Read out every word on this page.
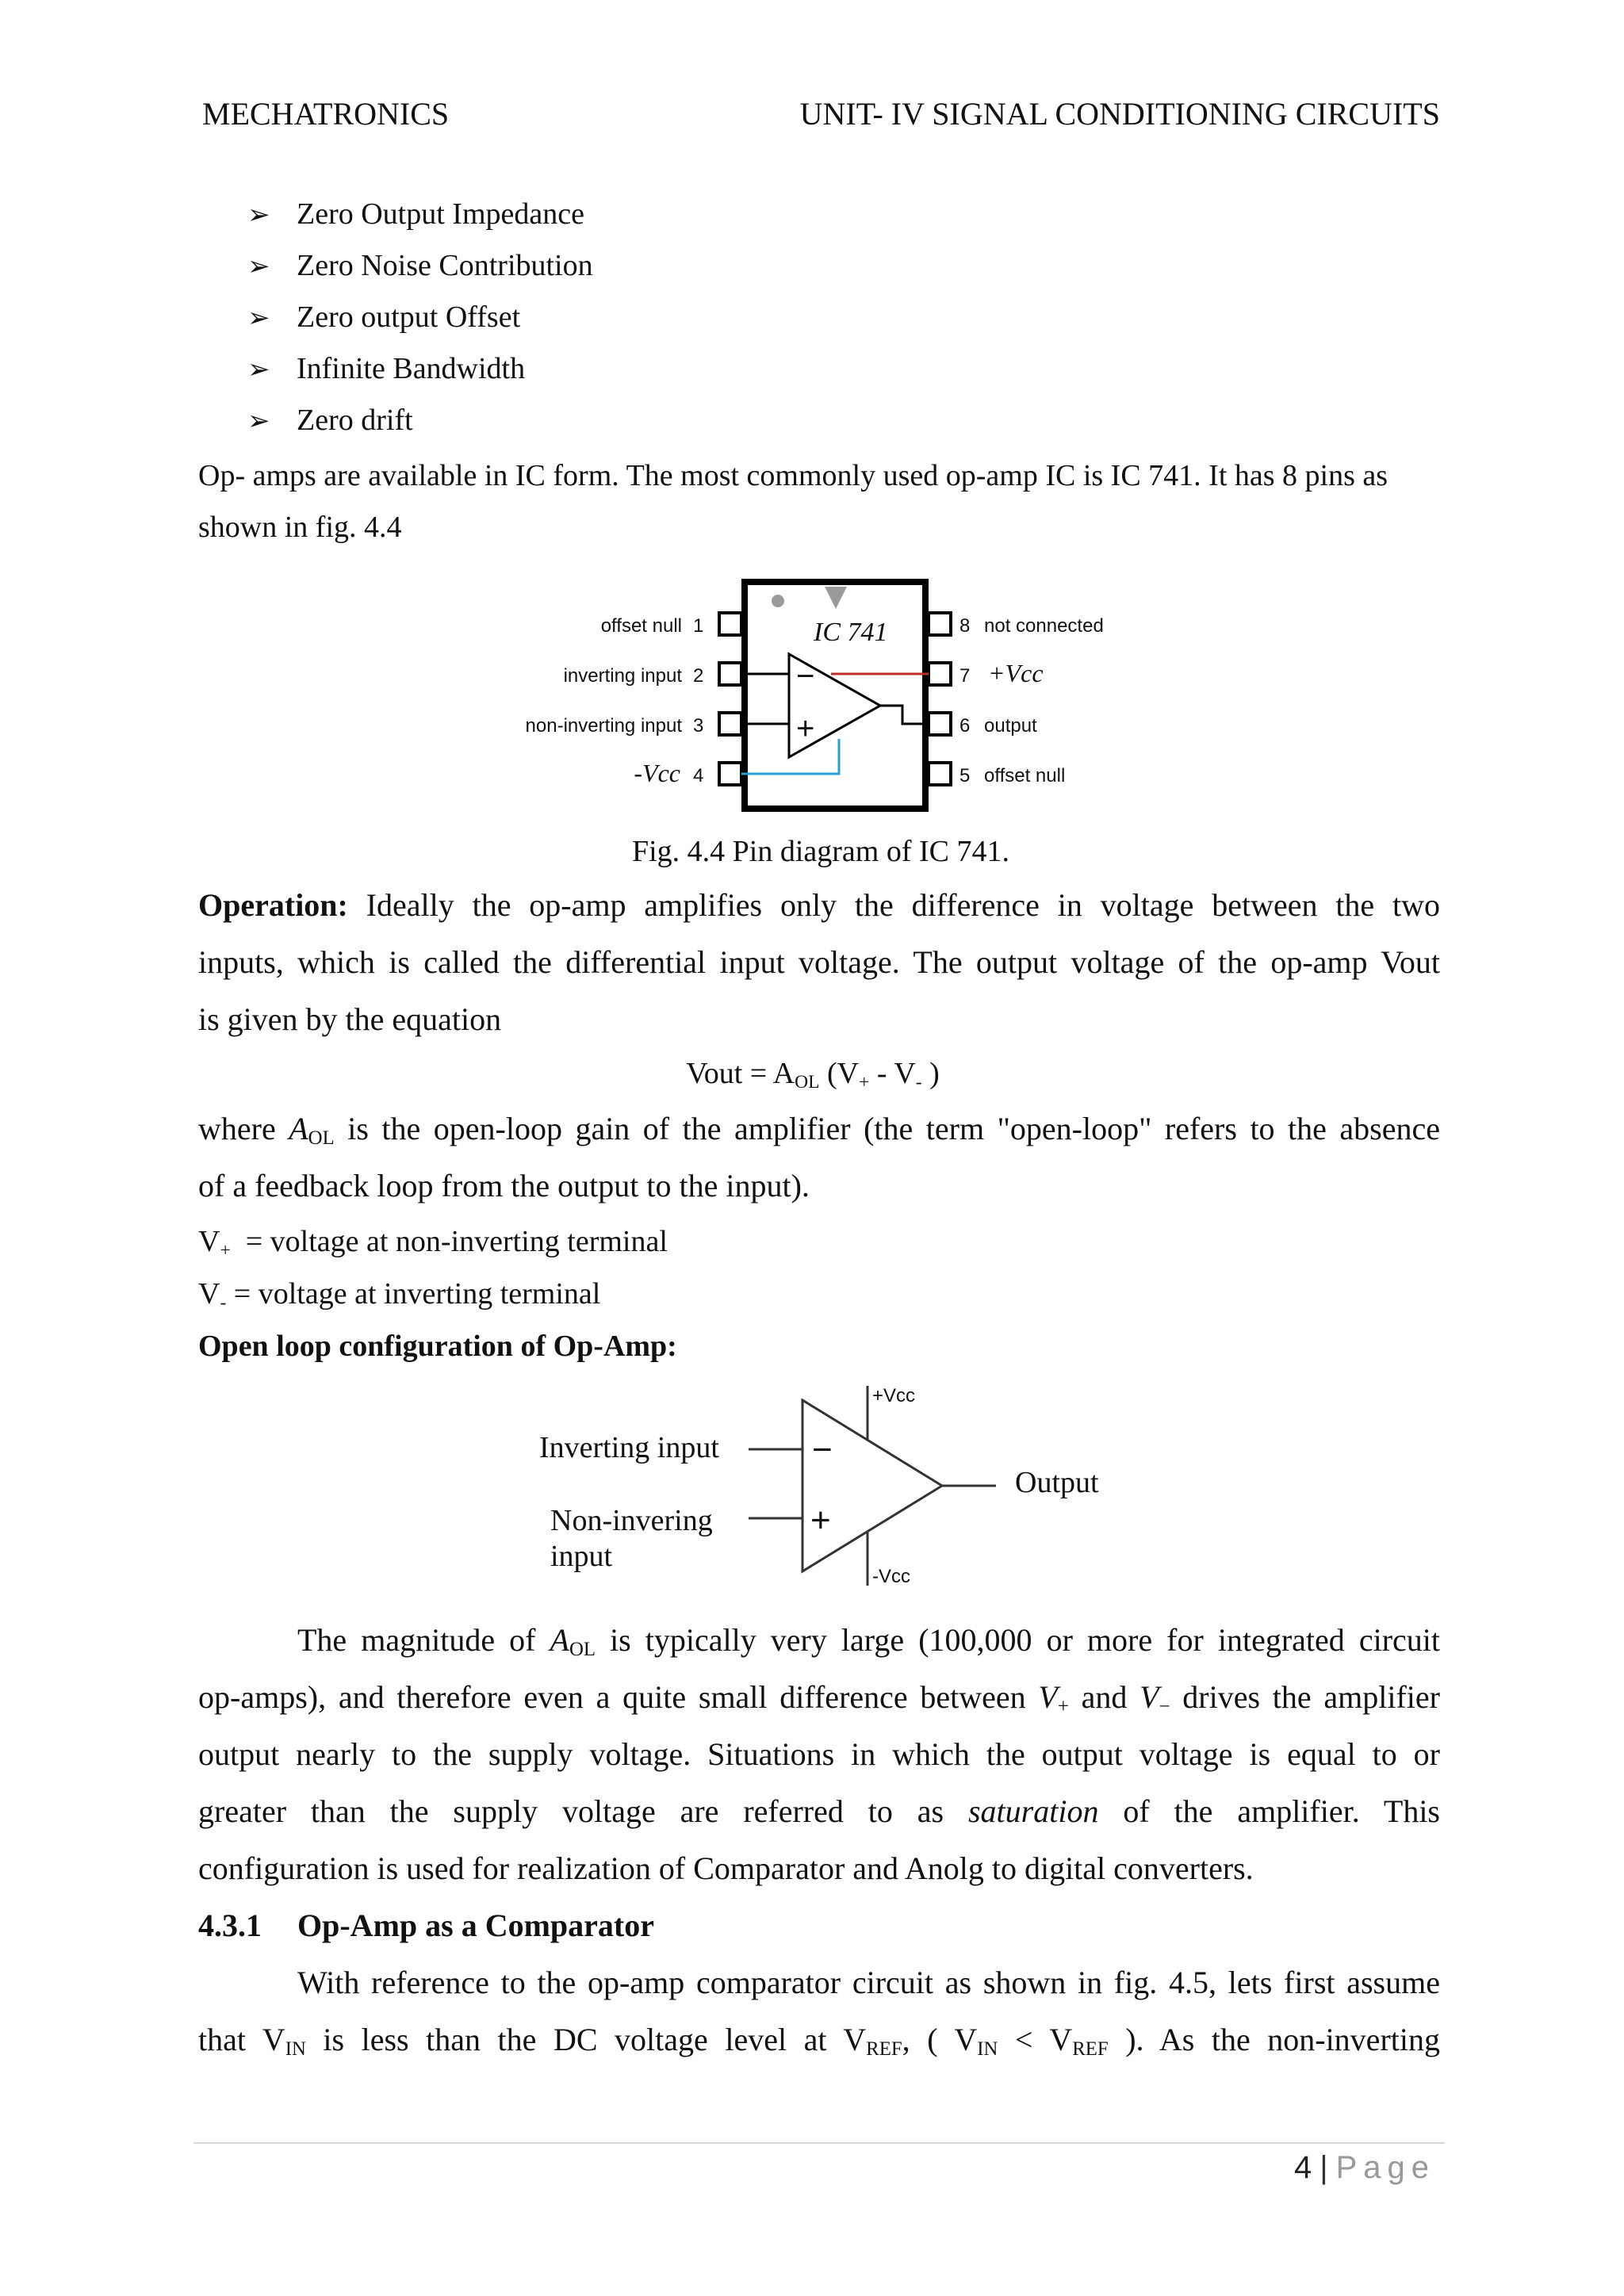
MECHATRONICS	UNIT- IV SIGNAL CONDITIONING CIRCUITS
➢ Zero Output Impedance
➢ Zero Noise Contribution
➢ Zero output Offset
➢ Infinite Bandwidth
➢ Zero drift
Op- amps are available in IC form. The most commonly used op-amp IC is IC 741. It has 8 pins as
shown in fig. 4.4
IC 741
−
+
offset null 1
inverting input 2
non-inverting input 3
-Vcc 4
8 not connected
7 +Vcc
6 output
5 offset null
Fig. 4.4 Pin diagram of IC 741.
Operation: Ideally the op-amp amplifies only the difference in voltage between the two
inputs, which is called the differential input voltage. The output voltage of the op-amp Vout
is given by the equation
Vout = $A_{OL}$ ($V_+ - V_-$ )
where $A_{OL}$ is the open-loop gain of the amplifier (the term "open-loop" refers to the absence
of a feedback loop from the output to the input).
$V_+$  = voltage at non-inverting terminal
$V_-$ = voltage at inverting terminal
Open loop configuration of Op-Amp:
−
+
+Vcc
-Vcc
Inverting input
Non-invering
input
Output
The magnitude of $A_{OL}$ is typically very large (100,000 or more for integrated circuit
op-amps), and therefore even a quite small difference between $V_+$ and $V_-$ drives the amplifier
output nearly to the supply voltage. Situations in which the output voltage is equal to or
greater than the supply voltage are referred to as saturation of the amplifier. This
configuration is used for realization of Comparator and Anolg to digital converters.
4.3.1 Op-Amp as a Comparator
With reference to the op-amp comparator circuit as shown in fig. 4.5, lets first assume
that $V_{IN}$ is less than the DC voltage level at $V_{REF}$, ( $V_{IN} < V_{REF}$ ). As the non-inverting
4 | Page
